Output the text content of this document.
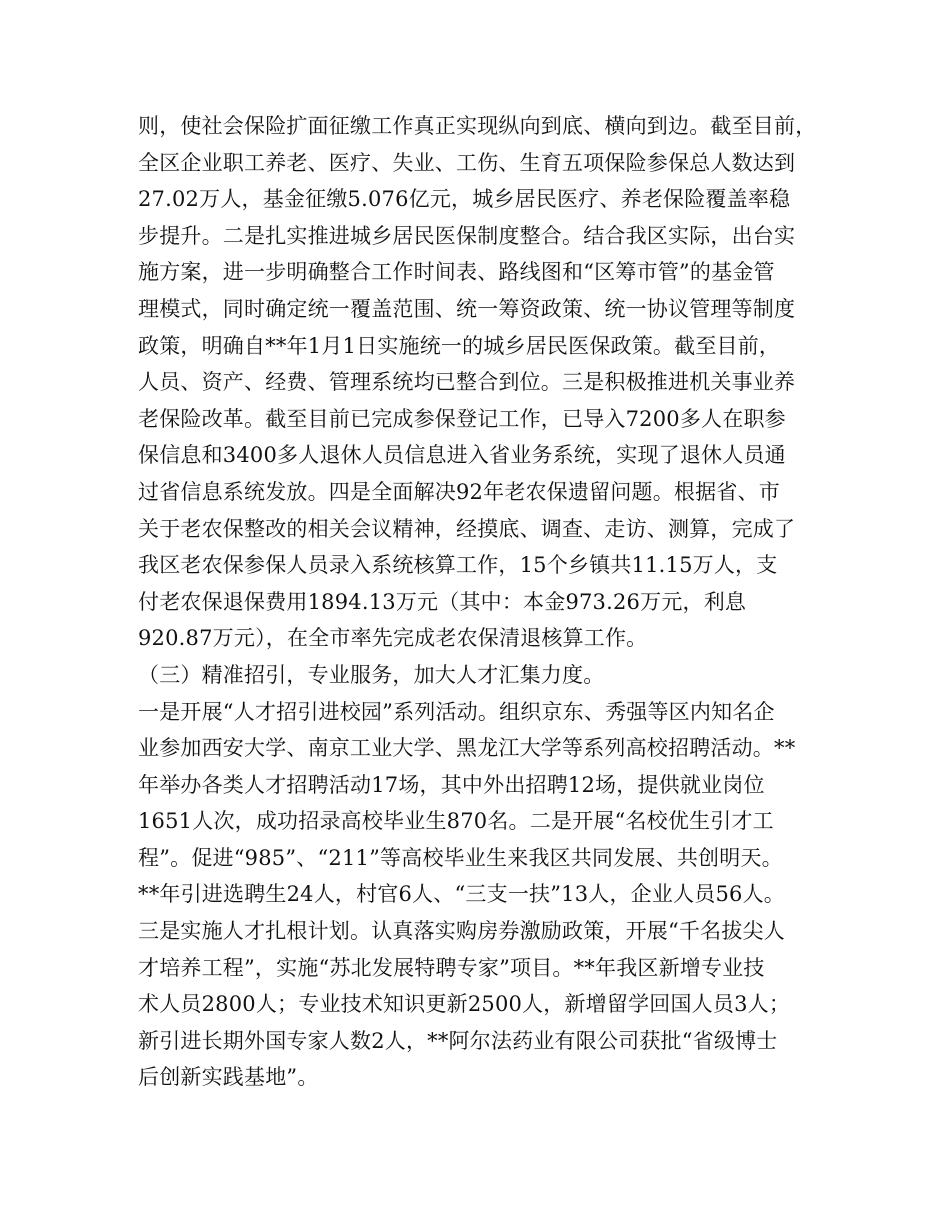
则，使社会保险扩面征缴工作真正实现纵向到底、横向到边。截至目前，
全区企业职工养老、医疗、失业、工伤、生育五项保险参保总人数达到
27.02万人，基金征缴5.076亿元，城乡居民医疗、养老保险覆盖率稳
步提升。二是扎实推进城乡居民医保制度整合。结合我区实际，出台实
施方案，进一步明确整合工作时间表、路线图和“区筹市管”的基金管
理模式，同时确定统一覆盖范围、统一筹资政策、统一协议管理等制度
政策，明确自**年1月1日实施统一的城乡居民医保政策。截至目前，
人员、资产、经费、管理系统均已整合到位。三是积极推进机关事业养
老保险改革。截至目前已完成参保登记工作，已导入7200多人在职参
保信息和3400多人退休人员信息进入省业务系统，实现了退休人员通
过省信息系统发放。四是全面解决92年老农保遗留问题。根据省、市
关于老农保整改的相关会议精神，经摸底、调查、走访、测算，完成了
我区老农保参保人员录入系统核算工作，15个乡镇共11.15万人，支
付老农保退保费用1894.13万元（其中：本金973.26万元，利息
920.87万元），在全市率先完成老农保清退核算工作。
（三）精准招引，专业服务，加大人才汇集力度。
一是开展“人才招引进校园”系列活动。组织京东、秀强等区内知名企
业参加西安大学、南京工业大学、黑龙江大学等系列高校招聘活动。**
年举办各类人才招聘活动17场，其中外出招聘12场，提供就业岗位
1651人次，成功招录高校毕业生870名。二是开展“名校优生引才工
程”。促进“985”、“211”等高校毕业生来我区共同发展、共创明天。
**年引进选聘生24人，村官6人、“三支一扶”13人，企业人员56人。
三是实施人才扎根计划。认真落实购房券激励政策，开展“千名拔尖人
才培养工程”，实施“苏北发展特聘专家”项目。**年我区新增专业技
术人员2800人；专业技术知识更新2500人，新增留学回国人员3人；
新引进长期外国专家人数2人，**阿尔法药业有限公司获批“省级博士
后创新实践基地”。
